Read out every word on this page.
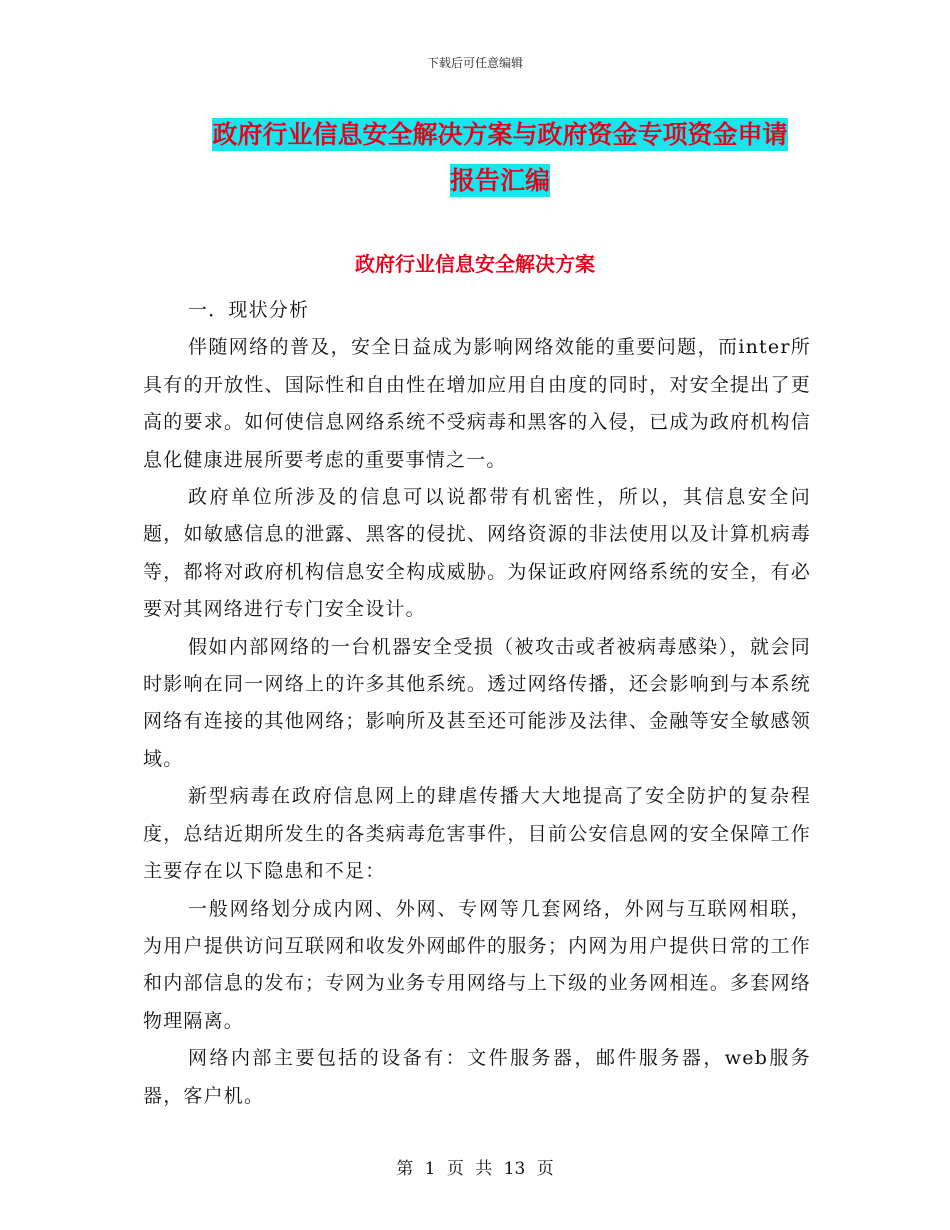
下载后可任意编辑
政府行业信息安全解决方案与政府资金专项资金申请
报告汇编
政府行业信息安全解决方案

一．现状分析

伴随网络的普及，安全日益成为影响网络效能的重要问题，而inter所具有的开放性、国际性和自由性在增加应用自由度的同时，对安全提出了更高的要求。如何使信息网络系统不受病毒和黑客的入侵，已成为政府机构信息化健康进展所要考虑的重要事情之一。

政府单位所涉及的信息可以说都带有机密性，所以，其信息安全问题，如敏感信息的泄露、黑客的侵扰、网络资源的非法使用以及计算机病毒等，都将对政府机构信息安全构成威胁。为保证政府网络系统的安全，有必要对其网络进行专门安全设计。

假如内部网络的一台机器安全受损（被攻击或者被病毒感染），就会同时影响在同一网络上的许多其他系统。透过网络传播，还会影响到与本系统网络有连接的其他网络；影响所及甚至还可能涉及法律、金融等安全敏感领域。

新型病毒在政府信息网上的肆虐传播大大地提高了安全防护的复杂程度，总结近期所发生的各类病毒危害事件，目前公安信息网的安全保障工作主要存在以下隐患和不足：

一般网络划分成内网、外网、专网等几套网络，外网与互联网相联，为用户提供访问互联网和收发外网邮件的服务；内网为用户提供日常的工作和内部信息的发布；专网为业务专用网络与上下级的业务网相连。多套网络物理隔离。

网络内部主要包括的设备有：文件服务器，邮件服务器，web服务器，客户机。

第 1 页 共 13 页
